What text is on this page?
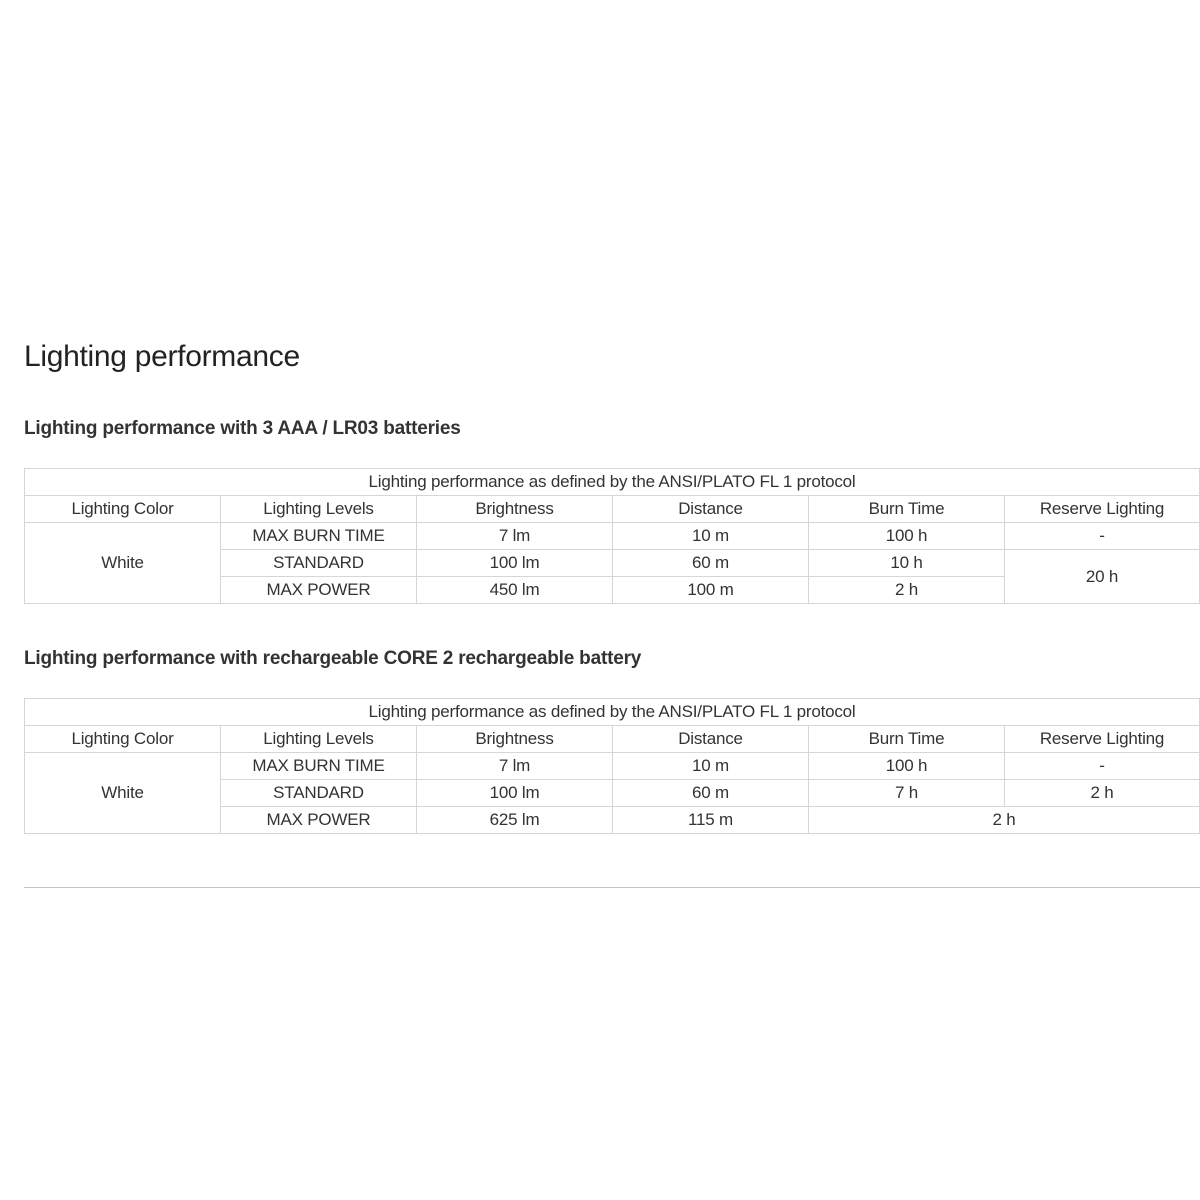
Lighting performance
Lighting performance with 3 AAA / LR03 batteries
Lighting performance as defined by the ANSI/PLATO FL 1 protocol					
Lighting Color	Lighting Levels	Brightness	Distance	Burn Time	Reserve Lighting
White	MAX BURN TIME	7 lm	10 m	100 h	-
	STANDARD	100 lm	60 m	10 h	20 h
	MAX POWER	450 lm	100 m	2 h	
Lighting performance with rechargeable CORE 2 rechargeable battery
Lighting performance as defined by the ANSI/PLATO FL 1 protocol					
Lighting Color	Lighting Levels	Brightness	Distance	Burn Time	Reserve Lighting
White	MAX BURN TIME	7 lm	10 m	100 h	-
	STANDARD	100 lm	60 m	7 h	2 h
	MAX POWER	625 lm	115 m	2 h	
